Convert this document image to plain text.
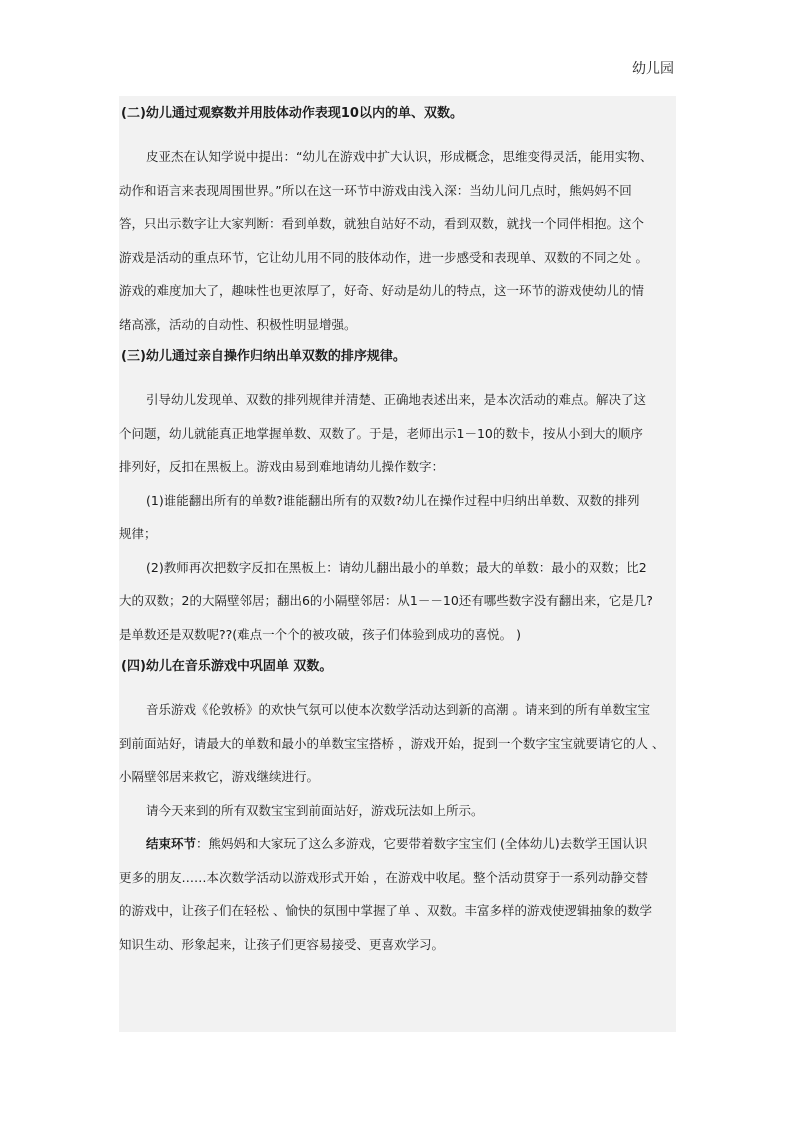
幼儿园
(二)幼儿通过观察数并用肢体动作表现10以内的单、双数。

皮亚杰在认知学说中提出：“幼儿在游戏中扩大认识，形成概念，思维变得灵活，能用实物、
动作和语言来表现周围世界。”所以在这一环节中游戏由浅入深：当幼儿问几点时，熊妈妈不回
答，只出示数字让大家判断：看到单数，就独自站好不动，看到双数，就找一个同伴相抱。这个
游戏是活动的重点环节，它让幼儿用不同的肢体动作，进一步感受和表现单、双数的不同之处 。
游戏的难度加大了，趣味性也更浓厚了，好奇、好动是幼儿的特点，这一环节的游戏使幼儿的情
绪高涨，活动的自动性、积极性明显增强。

(三)幼儿通过亲自操作归纳出单双数的排序规律。

引导幼儿发现单、双数的排列规律并清楚、正确地表述出来，是本次活动的难点。解决了这
个问题，幼儿就能真正地掌握单数、双数了。于是，老师出示1－10的数卡，按从小到大的顺序
排列好，反扣在黑板上。游戏由易到难地请幼儿操作数字：

(1)谁能翻出所有的单数?谁能翻出所有的双数?幼儿在操作过程中归纳出单数、双数的排列
规律；

(2)教师再次把数字反扣在黑板上：请幼儿翻出最小的单数；最大的单数：最小的双数；比2
大的双数；2的大隔壁邻居；翻出6的小隔壁邻居：从1－－10还有哪些数字没有翻出来，它是几?
是单数还是双数呢??(难点一个个的被攻破，孩子们体验到成功的喜悦。 )

(四)幼儿在音乐游戏中巩固单 双数。

音乐游戏《伦敦桥》的欢快气氛可以使本次数学活动达到新的高潮 。请来到的所有单数宝宝
到前面站好，请最大的单数和最小的单数宝宝搭桥 ，游戏开始，捉到一个数字宝宝就要请它的人 、
小隔壁邻居来救它，游戏继续进行。

请今天来到的所有双数宝宝到前面站好，游戏玩法如上所示。

结束环节：熊妈妈和大家玩了这么多游戏，它要带着数字宝宝们 (全体幼儿)去数学王国认识
更多的朋友……本次数学活动以游戏形式开始 ，在游戏中收尾。整个活动贯穿于一系列动静交替
的游戏中，让孩子们在轻松 、愉快的氛围中掌握了单 、双数。丰富多样的游戏使逻辑抽象的数学
知识生动、形象起来，让孩子们更容易接受、更喜欢学习。
